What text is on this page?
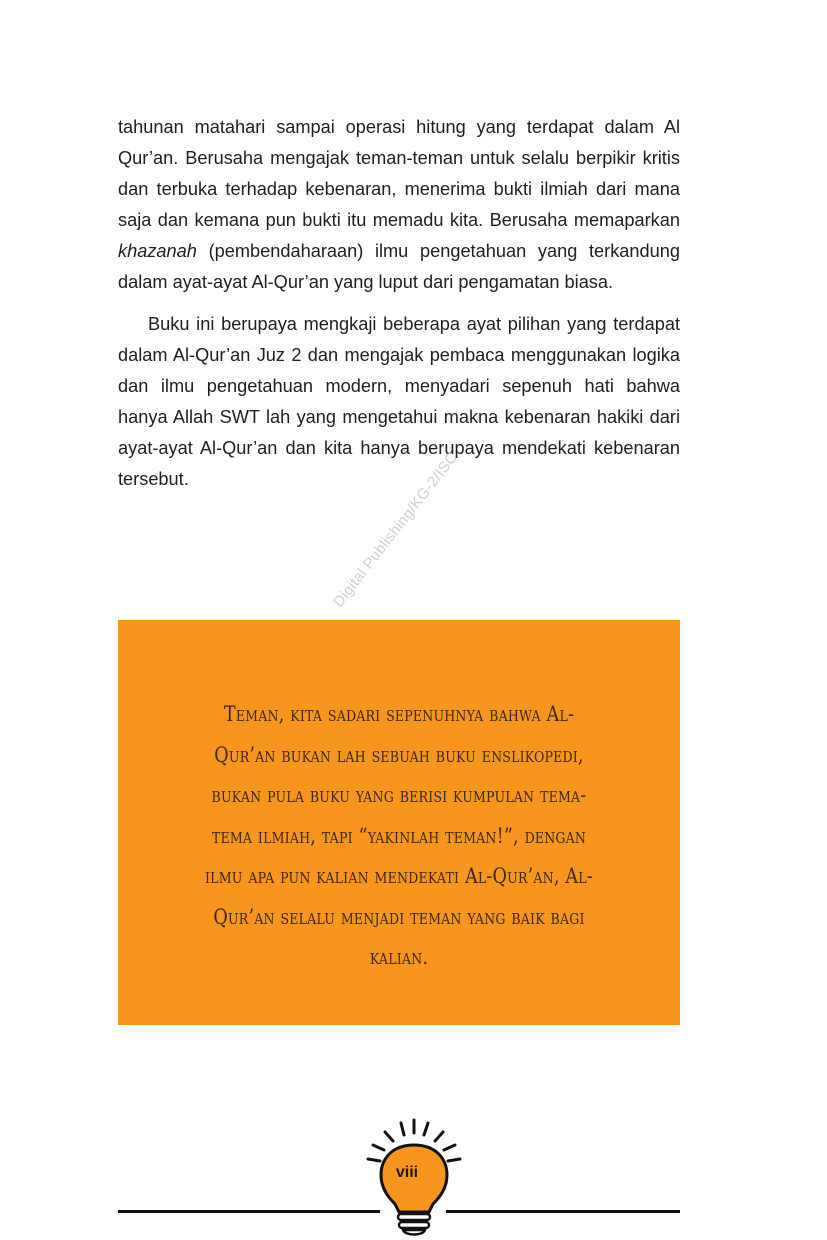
tahunan matahari sampai operasi hitung yang terdapat dalam Al Qur’an. Berusaha mengajak teman-teman untuk selalu berpikir kritis dan terbuka terhadap kebenaran, menerima bukti ilmiah dari mana saja dan kemana pun bukti itu memadu kita. Berusaha memaparkan khazanah (pembendaharaan) ilmu pengetahuan yang terkandung dalam ayat-ayat Al-Qur’an yang luput dari pengamatan biasa.

Buku ini berupaya mengkaji beberapa ayat pilihan yang terdapat dalam Al-Qur’an Juz 2 dan mengajak pembaca menggunakan logika dan ilmu pengetahuan modern, menyadari sepenuh hati bahwa hanya Allah SWT lah yang mengetahui makna kebenaran hakiki dari ayat-ayat Al-Qur’an dan kita hanya berupaya mendekati kebenaran tersebut.	Digital Publishing/KG-2/ISC

Teman, kita sadari sepenuhnya bahwa Al-Qur’an bukan lah sebuah buku enslikopedi, bukan pula buku yang berisi kumpulan tema-tema ilmiah, tapi “yakinlah teman!”, dengan ilmu apa pun kalian mendekati Al-Qur’an, Al-Qur’an selalu menjadi teman yang baik bagi kalian.

viii
